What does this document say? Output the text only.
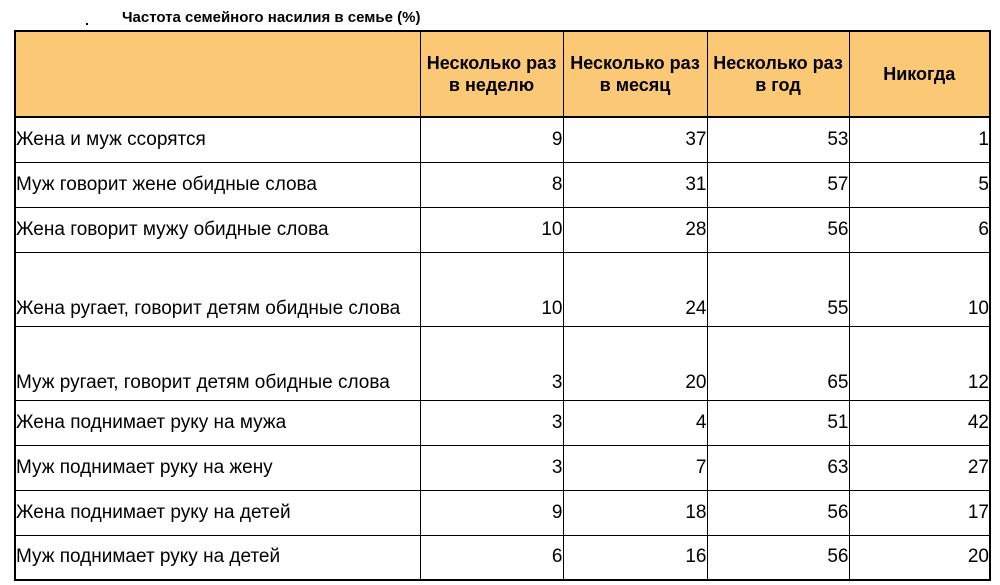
Частота семейного насилия в семье (%)
	Несколько раз в неделю	Несколько раз в месяц	Несколько раз в год	Никогда
Жена и муж ссорятся	9	37	53	1
Муж говорит жене обидные слова	8	31	57	5
Жена говорит мужу обидные слова	10	28	56	6
Жена ругает, говорит детям обидные слова	10	24	55	10
Муж ругает, говорит детям обидные слова	3	20	65	12
Жена поднимает руку на мужа	3	4	51	42
Муж поднимает руку на жену	3	7	63	27
Жена поднимает руку на детей	9	18	56	17
Муж поднимает руку на детей	6	16	56	20
